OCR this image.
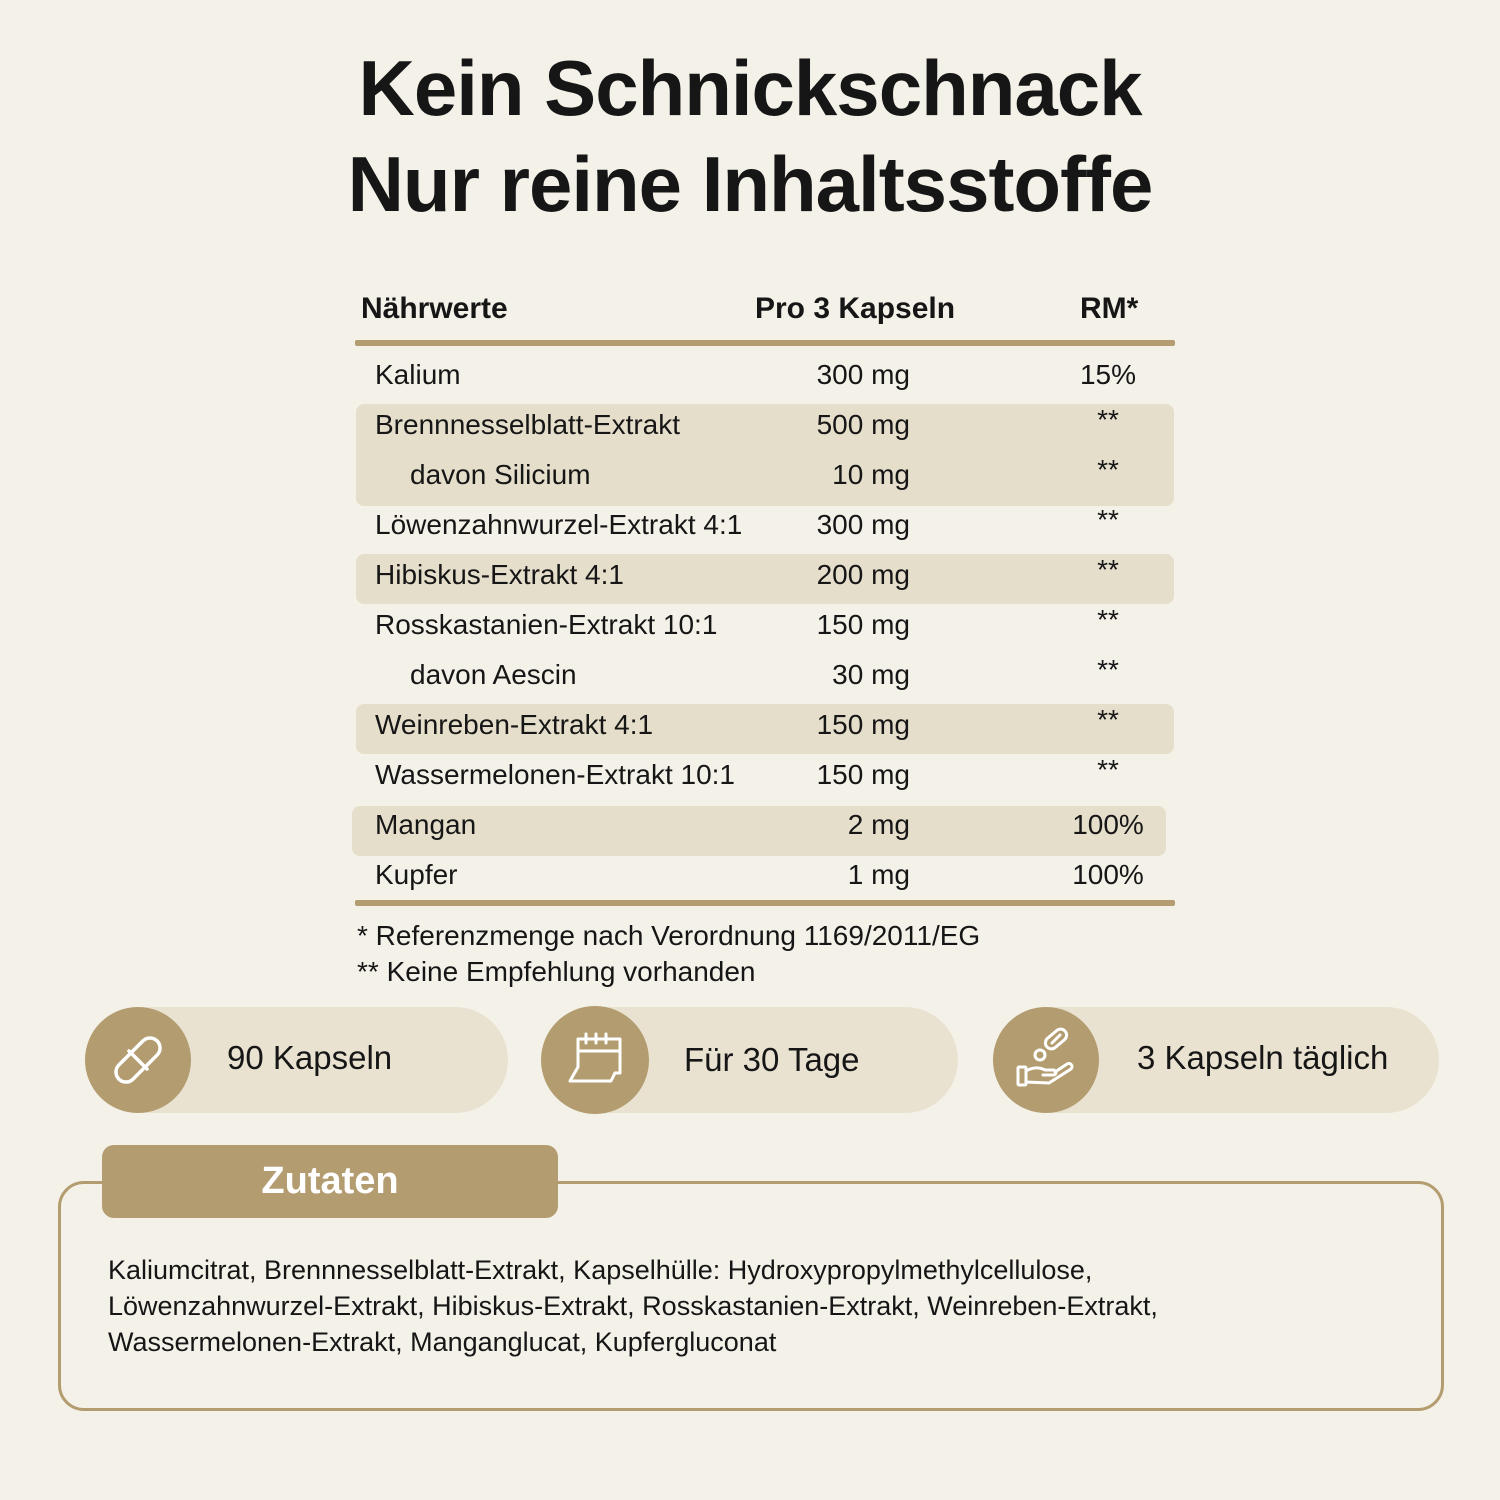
Kein Schnickschnack
Nur reine Inhaltsstoffe
Nährwerte	Pro 3 Kapseln	RM*
Kalium	300 mg	15%
Brennnesselblatt-Extrakt	500 mg	**
davon Silicium	10 mg	**
Löwenzahnwurzel-Extrakt 4:1	300 mg	**
Hibiskus-Extrakt 4:1	200 mg	**
Rosskastanien-Extrakt 10:1	150 mg	**
davon Aescin	30 mg	**
Weinreben-Extrakt 4:1	150 mg	**
Wassermelonen-Extrakt 10:1	150 mg	**
Mangan	2 mg	100%
Kupfer	1 mg	100%
* Referenzmenge nach Verordnung 1169/2011/EG
** Keine Empfehlung vorhanden
90 Kapseln	Für 30 Tage	3 Kapseln täglich
Zutaten
Kaliumcitrat, Brennnesselblatt-Extrakt, Kapselhülle: Hydroxypropylmethylcellulose,
Löwenzahnwurzel-Extrakt, Hibiskus-Extrakt, Rosskastanien-Extrakt, Weinreben-Extrakt,
Wassermelonen-Extrakt, Manganglucat, Kupfergluconat
